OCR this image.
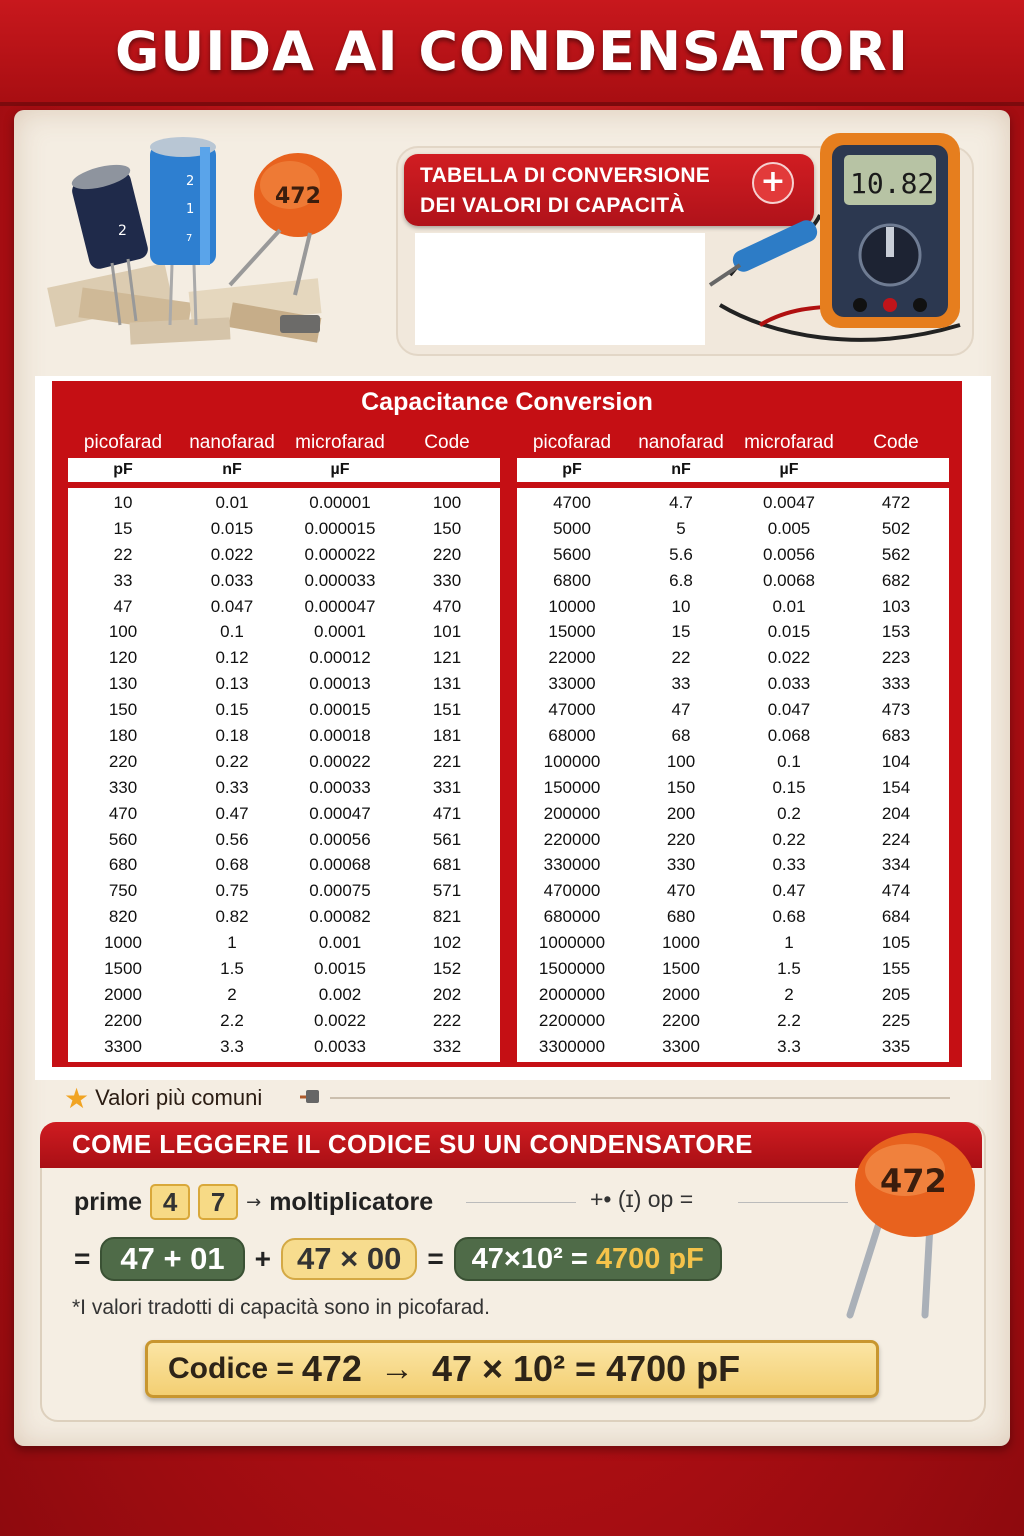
GUIDA AI CONDENSATORI
2
2
1
7
472
TABELLA DI CONVERSIONE
DEI VALORI DI CAPACITÀ
+	10.82
Capacitance Conversion
picofarad	nanofarad	microfarad	Code
pF	nF	µF
10	0.01	0.00001	100
15	0.015	0.000015	150
22	0.022	0.000022	220
33	0.033	0.000033	330
47	0.047	0.000047	470
100	0.1	0.0001	101
120	0.12	0.00012	121
130	0.13	0.00013	131
150	0.15	0.00015	151
180	0.18	0.00018	181
220	0.22	0.00022	221
330	0.33	0.00033	331
470	0.47	0.00047	471
560	0.56	0.00056	561
680	0.68	0.00068	681
750	0.75	0.00075	571
820	0.82	0.00082	821
1000	1	0.001	102
1500	1.5	0.0015	152
2000	2	0.002	202
2200	2.2	0.0022	222
3300	3.3	0.0033	332
picofarad	nanofarad	microfarad	Code
pF	nF	µF
4700	4.7	0.0047	472
5000	5	0.005	502
5600	5.6	0.0056	562
6800	6.8	0.0068	682
10000	10	0.01	103
15000	15	0.015	153
22000	22	0.022	223
33000	33	0.033	333
47000	47	0.047	473
68000	68	0.068	683
100000	100	0.1	104
150000	150	0.15	154
200000	200	0.2	204
220000	220	0.22	224
330000	330	0.33	334
470000	470	0.47	474
680000	680	0.68	684
1000000	1000	1	105
1500000	1500	1.5	155
2000000	2000	2	205
2200000	2200	2.2	225
3300000	3300	3.3	335
★ Valori più comuni
COME LEGGERE IL CODICE SU UN CONDENSATORE
prime 4	7	→ moltiplicatore	+• (ɪ) op =
= 47 + 01	+ 47 × 00 = 47×10² = 4700 pF
*I valori tradotti di capacità sono in picofarad.
Codice = 472 → 47 × 10² = 4700 pF
472
